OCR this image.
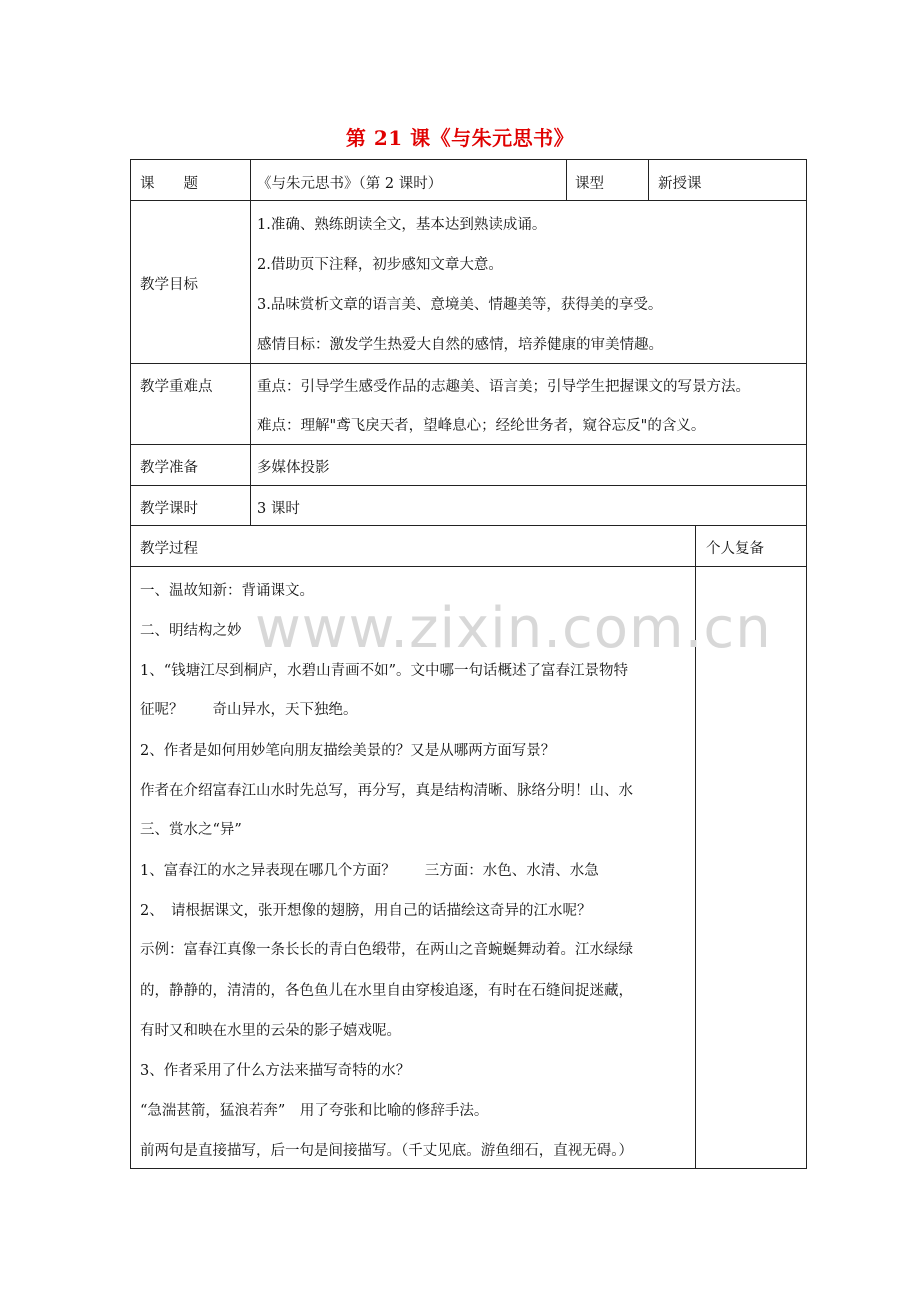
第 21 课《与朱元思书》
课　　题	《与朱元思书》（第 2 课时）	课型	新授课
教学目标
1.准确、熟练朗读全文，基本达到熟读成诵。
2.借助页下注释，初步感知文章大意。
3.品味赏析文章的语言美、意境美、情趣美等，获得美的享受。
感情目标：激发学生热爱大自然的感情，培养健康的审美情趣。
教学重难点	重点：引导学生感受作品的志趣美、语言美；引导学生把握课文的写景方法。
难点：理解"鸢飞戾天者，望峰息心；经纶世务者，窥谷忘反"的含义。
教学准备	多媒体投影
教学课时	3 课时
教学过程	个人复备
www.zixin.com.cn
一、温故知新：背诵课文。
二、明结构之妙
1、“钱塘江尽到桐庐，水碧山青画不如”。文中哪一句话概述了富春江景物特
征呢？　　奇山异水，天下独绝。
2、作者是如何用妙笔向朋友描绘美景的？又是从哪两方面写景？
作者在介绍富春江山水时先总写，再分写，真是结构清晰、脉络分明！山、水
三、赏水之“异”
1、富春江的水之异表现在哪几个方面？　　三方面：水色、水清、水急
2、　请根据课文，张开想像的翅膀，用自己的话描绘这奇异的江水呢？
示例：富春江真像一条长长的青白色缎带，在两山之音蜿蜒舞动着。江水绿绿
的，静静的，清清的，各色鱼儿在水里自由穿梭追逐，有时在石缝间捉迷藏，
有时又和映在水里的云朵的影子嬉戏呢。
3、作者采用了什么方法来描写奇特的水？
“急湍甚箭，猛浪若奔”　用了夸张和比喻的修辞手法。
前两句是直接描写，后一句是间接描写。（千丈见底。游鱼细石，直视无碍。）
